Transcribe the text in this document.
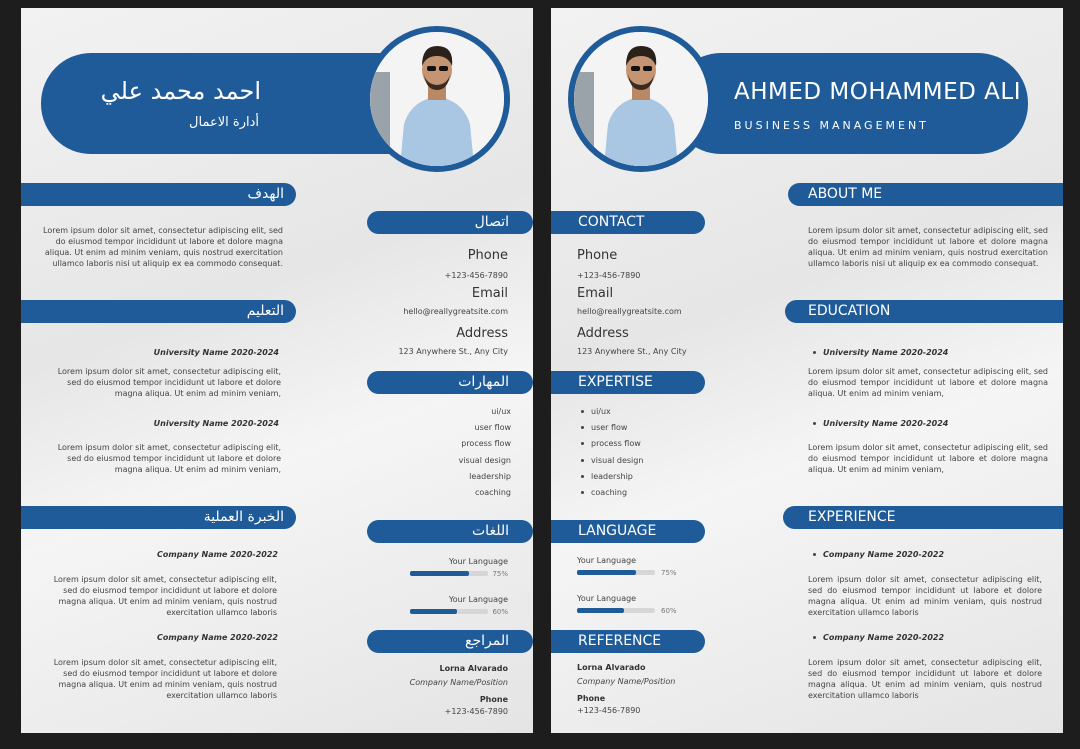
احمد محمد علي
أدارة الاعمال
الهدف
Lorem ipsum dolor sit amet, consectetur adipiscing elit, sed do eiusmod tempor incididunt ut labore et dolore magna aliqua. Ut enim ad minim veniam, quis nostrud exercitation ullamco laboris nisi ut aliquip ex ea commodo consequat.
التعليم
University Name 2020-2024
Lorem ipsum dolor sit amet, consectetur adipiscing elit, sed do eiusmod tempor incididunt ut labore et dolore magna aliqua. Ut enim ad minim veniam,
University Name 2020-2024
Lorem ipsum dolor sit amet, consectetur adipiscing elit, sed do eiusmod tempor incididunt ut labore et dolore magna aliqua. Ut enim ad minim veniam,
الخبرة العملية
Company Name 2020-2022
Lorem ipsum dolor sit amet, consectetur adipiscing elit, sed do eiusmod tempor incididunt ut labore et dolore magna aliqua. Ut enim ad minim veniam, quis nostrud exercitation ullamco laboris
Company Name 2020-2022
Lorem ipsum dolor sit amet, consectetur adipiscing elit, sed do eiusmod tempor incididunt ut labore et dolore magna aliqua. Ut enim ad minim veniam, quis nostrud exercitation ullamco laboris
اتصال
Phone
+123-456-7890
Email
hello@reallygreatsite.com
Address
123 Anywhere St., Any City
المهارات
ui/ux
user flow
process flow
visual design
leadership
coaching
اللغات
Your Language
75%
Your Language
60%
المراجع
Lorna Alvarado
Company Name/Position
Phone
+123-456-7890
AHMED MOHAMMED ALI
BUSINESS MANAGEMENT
CONTACT
Phone
+123-456-7890
Email
hello@reallygreatsite.com
Address
123 Anywhere St., Any City
EXPERTISE
ui/ux
user flow
process flow
visual design
leadership
coaching
LANGUAGE
Your Language
75%
Your Language
60%
REFERENCE
Lorna Alvarado
Company Name/Position
Phone
+123-456-7890
ABOUT ME
Lorem ipsum dolor sit amet, consectetur adipiscing elit, sed do eiusmod tempor incididunt ut labore et dolore magna aliqua. Ut enim ad minim veniam, quis nostrud exercitation ullamco laboris nisi ut aliquip ex ea commodo consequat.
EDUCATION
University Name 2020-2024
Lorem ipsum dolor sit amet, consectetur adipiscing elit, sed do eiusmod tempor incididunt ut labore et dolore magna aliqua. Ut enim ad minim veniam,
University Name 2020-2024
Lorem ipsum dolor sit amet, consectetur adipiscing elit, sed do eiusmod tempor incididunt ut labore et dolore magna aliqua. Ut enim ad minim veniam,
EXPERIENCE
Company Name 2020-2022
Lorem ipsum dolor sit amet, consectetur adipiscing elit, sed do eiusmod tempor incididunt ut labore et dolore magna aliqua. Ut enim ad minim veniam, quis nostrud exercitation ullamco laboris
Company Name 2020-2022
Lorem ipsum dolor sit amet, consectetur adipiscing elit, sed do eiusmod tempor incididunt ut labore et dolore magna aliqua. Ut enim ad minim veniam, quis nostrud exercitation ullamco laboris
